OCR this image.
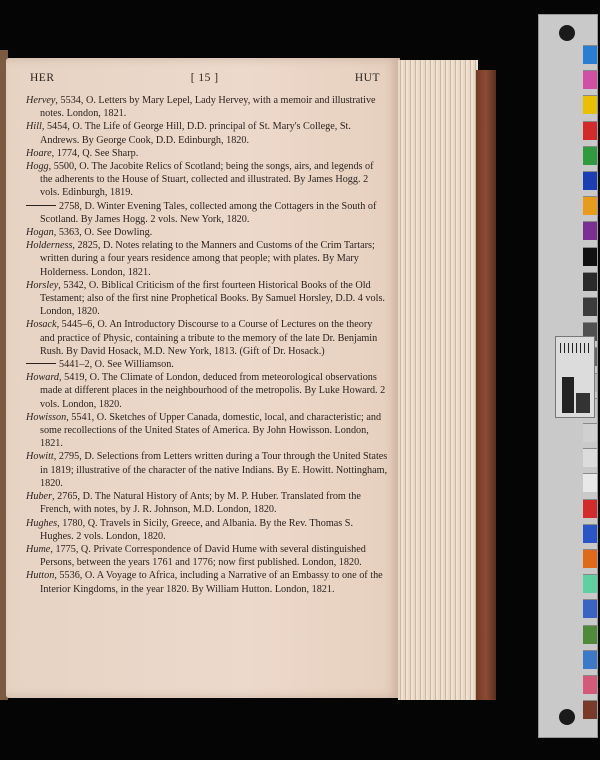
HER	[ 15 ]	HUT

Hervey, 5534, O. Letters by Mary Lepel, Lady Hervey, with a memoir and illustrative notes. London, 1821.

Hill, 5454, O. The Life of George Hill, D.D. principal of St. Mary's College, St. Andrews. By George Cook, D.D. Edinburgh, 1820.

Hoare, 1774, Q. See Sharp.

Hogg, 5500, O. The Jacobite Relics of Scotland; being the songs, airs, and legends of the adherents to the House of Stuart, collected and illustrated. By James Hogg. 2 vols. Edinburgh, 1819.

2758, D. Winter Evening Tales, collected among the Cottagers in the South of Scotland. By James Hogg. 2 vols. New York, 1820.

Hogan, 5363, O. See Dowling.

Holderness, 2825, D. Notes relating to the Manners and Customs of the Crim Tartars; written during a four years residence among that people; with plates. By Mary Holderness. London, 1821.

Horsley, 5342, O. Biblical Criticism of the first fourteen Historical Books of the Old Testament; also of the first nine Prophetical Books. By Samuel Horsley, D.D. 4 vols. London, 1820.

Hosack, 5445–6, O. An Introductory Discourse to a Course of Lectures on the theory and practice of Physic, containing a tribute to the memory of the late Dr. Benjamin Rush. By David Hosack, M.D. New York, 1813. (Gift of Dr. Hosack.)

5441–2, O. See Williamson.

Howard, 5419, O. The Climate of London, deduced from meteorological observations made at different places in the neighbourhood of the metropolis. By Luke Howard. 2 vols. London, 1820.

Howisson, 5541, O. Sketches of Upper Canada, domestic, local, and characteristic; and some recollections of the United States of America. By John Howisson. London, 1821.

Howitt, 2795, D. Selections from Letters written during a Tour through the United States in 1819; illustrative of the character of the native Indians. By E. Howitt. Nottingham, 1820.

Huber, 2765, D. The Natural History of Ants; by M. P. Huber. Translated from the French, with notes, by J. R. Johnson, M.D. London, 1820.

Hughes, 1780, Q. Travels in Sicily, Greece, and Albania. By the Rev. Thomas S. Hughes. 2 vols. London, 1820.

Hume, 1775, Q. Private Correspondence of David Hume with several distinguished Persons, between the years 1761 and 1776; now first published. London, 1820.

Hutton, 5536, O. A Voyage to Africa, including a Narrative of an Embassy to one of the Interior Kingdoms, in the year 1820. By William Hutton. London, 1821.
